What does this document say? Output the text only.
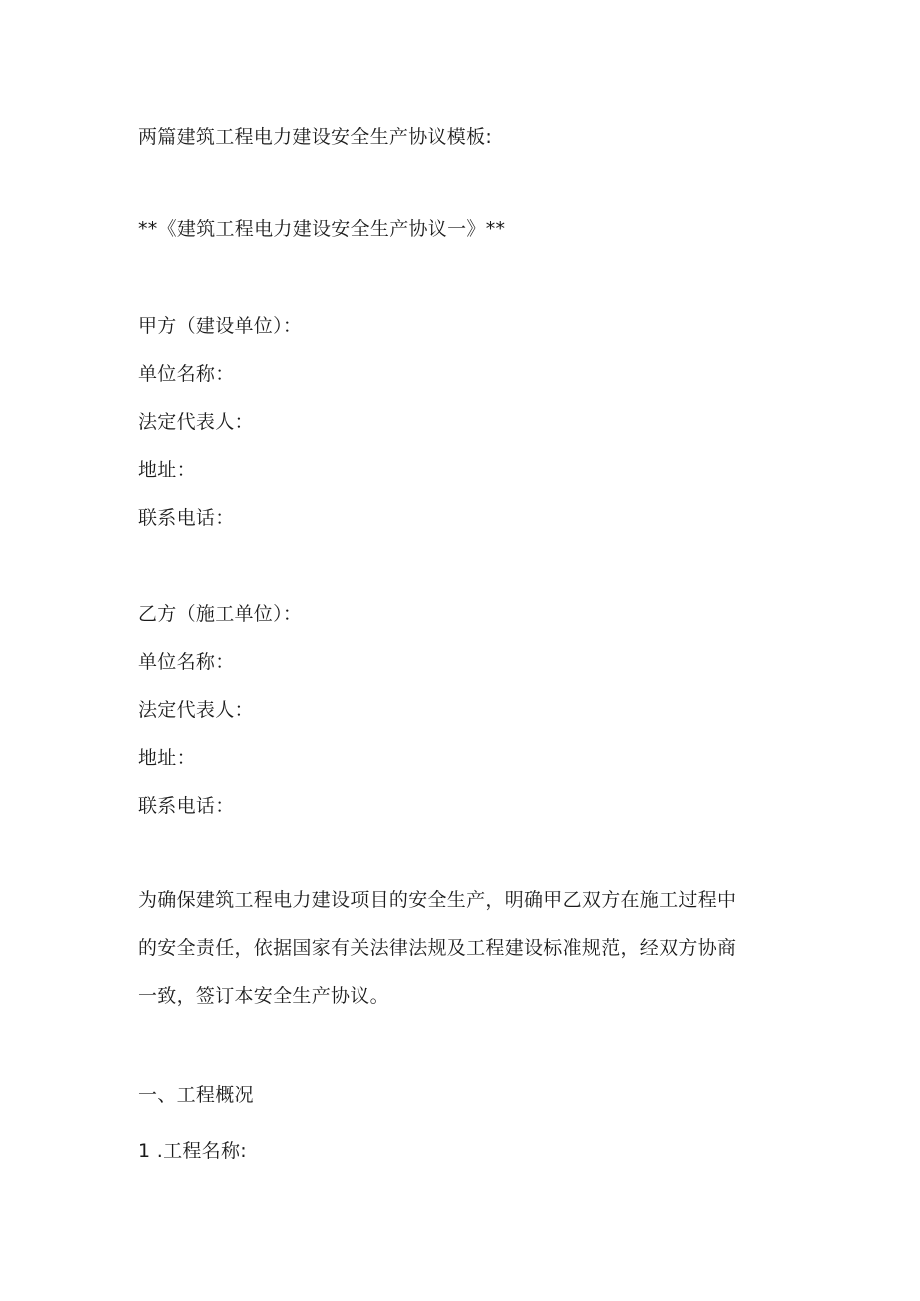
两篇建筑工程电力建设安全生产协议模板:
**《建筑工程电力建设安全生产协议一》**
甲方（建设单位）：
单位名称：
法定代表人：
地址：
联系电话：
乙方（施工单位）：
单位名称：
法定代表人：
地址：
联系电话：
为确保建筑工程电力建设项目的安全生产，明确甲乙双方在施工过程中
的安全责任，依据国家有关法律法规及工程建设标准规范，经双方协商
一致，签订本安全生产协议。
一、工程概况
1 .工程名称:
